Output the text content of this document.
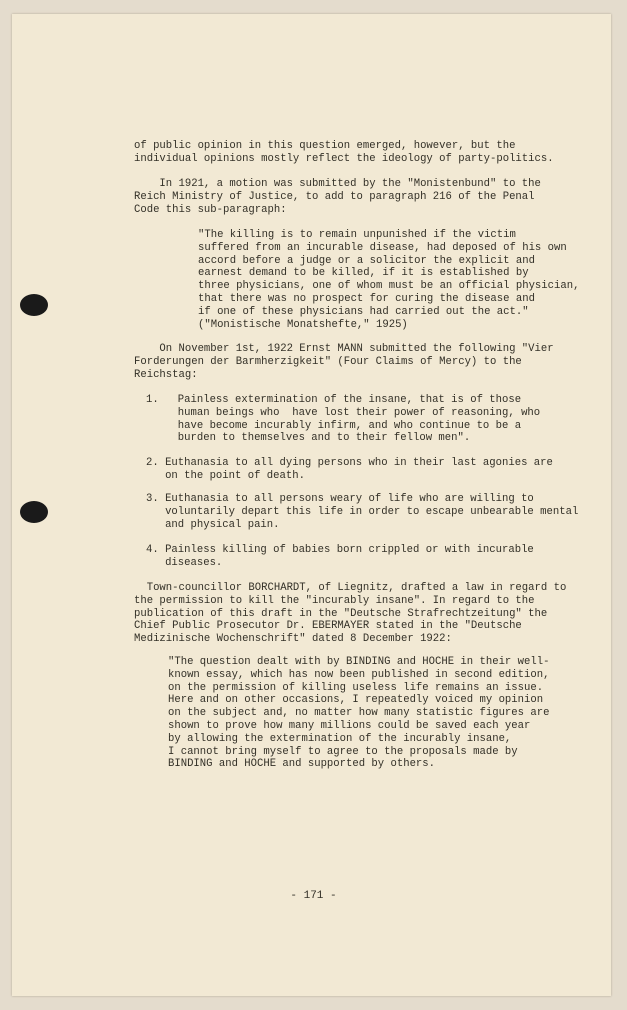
of public opinion in this question emerged, however, but the
individual opinions mostly reflect the ideology of party-politics.
In 1921, a motion was submitted by the "Monistenbund" to the
Reich Ministry of Justice, to add to paragraph 216 of the Penal
Code this sub-paragraph:
"The killing is to remain unpunished if the victim
suffered from an incurable disease, had deposed of his own
accord before a judge or a solicitor the explicit and
earnest demand to be killed, if it is established by
three physicians, one of whom must be an official physician,
that there was no prospect for curing the disease and
if one of these physicians had carried out the act."
("Monistische Monatshefte," 1925)
On November 1st, 1922 Ernst MANN submitted the following "Vier
Forderungen der Barmherzigkeit" (Four Claims of Mercy) to the
Reichstag:
1.   Painless extermination of the insane, that is of those
human beings who  have lost their power of reasoning, who
have become incurably infirm, and who continue to be a
burden to themselves and to their fellow men".
2. Euthanasia to all dying persons who in their last agonies are
on the point of death.
3. Euthanasia to all persons weary of life who are willing to
voluntarily depart this life in order to escape unbearable mental
and physical pain.
4. Painless killing of babies born crippled or with incurable
diseases.
Town-councillor BORCHARDT, of Liegnitz, drafted a law in regard to
the permission to kill the "incurably insane". In regard to the
publication of this draft in the "Deutsche Strafrechtzeitung" the
Chief Public Prosecutor Dr. EBERMAYER stated in the "Deutsche
Medizinische Wochenschrift" dated 8 December 1922:
"The question dealt with by BINDING and HOCHE in their well-
known essay, which has now been published in second edition,
on the permission of killing useless life remains an issue.
Here and on other occasions, I repeatedly voiced my opinion
on the subject and, no matter how many statistic figures are
shown to prove how many millions could be saved each year
by allowing the extermination of the incurably insane,
I cannot bring myself to agree to the proposals made by
BINDING and HOCHE and supported by others.
- 171 -
